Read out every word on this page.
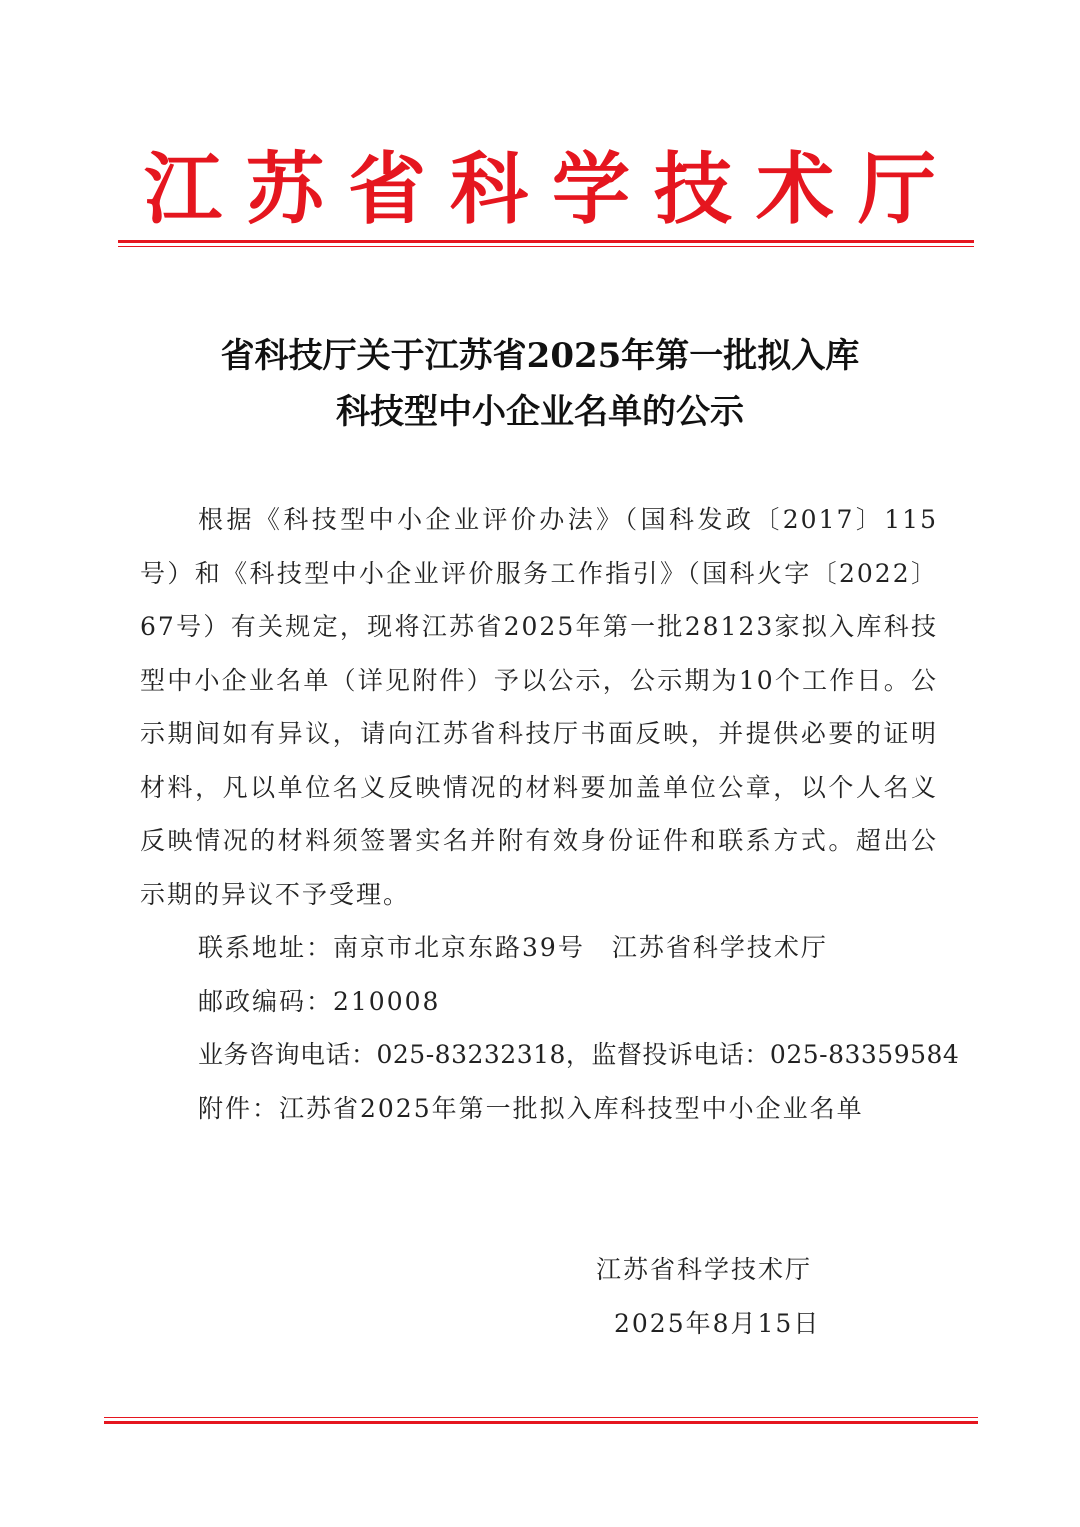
江苏省科学技术厅
省科技厅关于江苏省2025年第一批拟入库
科技型中小企业名单的公示

根据《科技型中小企业评价办法》（国科发政〔2017〕115号）和《科技型中小企业评价服务工作指引》（国科火字〔2022〕67号）有关规定，现将江苏省2025年第一批28123家拟入库科技型中小企业名单（详见附件）予以公示，公示期为10个工作日。公示期间如有异议，请向江苏省科技厅书面反映，并提供必要的证明材料，凡以单位名义反映情况的材料要加盖单位公章，以个人名义反映情况的材料须签署实名并附有效身份证件和联系方式。超出公示期的异议不予受理。

联系地址：南京市北京东路39号　江苏省科学技术厅

邮政编码：210008

业务咨询电话：025-83232318，监督投诉电话：025-83359584

附件：江苏省2025年第一批拟入库科技型中小企业名单

江苏省科学技术厅
2025年8月15日
